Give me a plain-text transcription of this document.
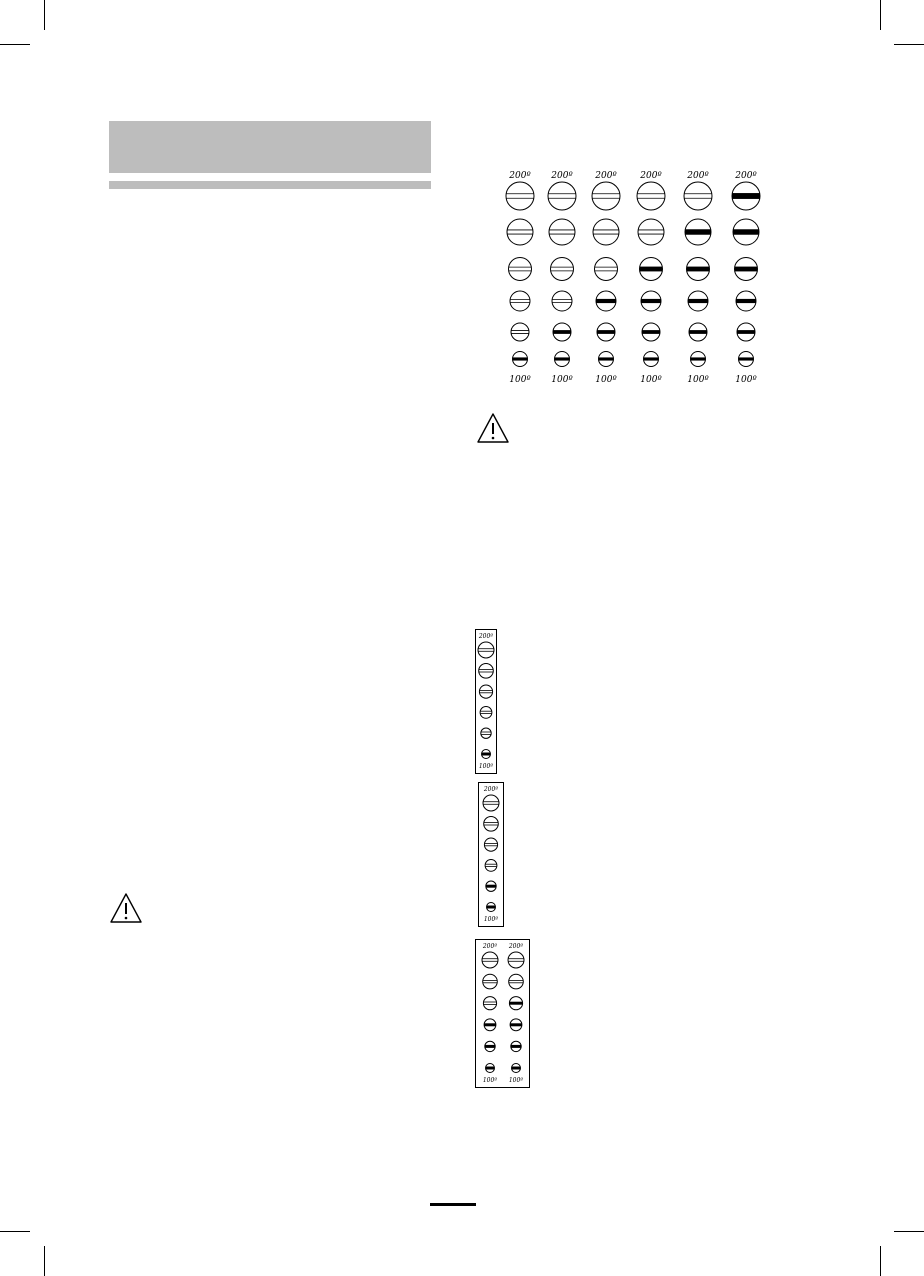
200º
100º
200º
100º
200º
100º
200º
100º
200º
100º
200º
100º
200º
100º
200º
100º
200º
100º
200º
100º
